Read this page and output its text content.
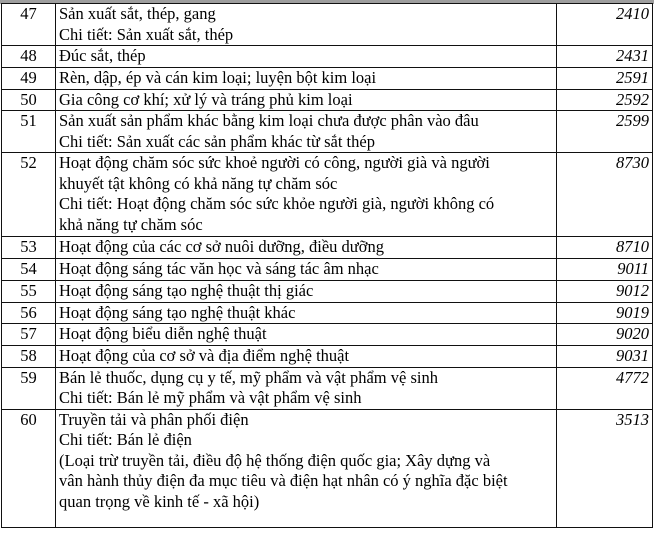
47	Sản xuất sắt, thép, gang
Chi tiết: Sản xuất sắt, thép	2410
48	Đúc sắt, thép	2431
49	Rèn, dập, ép và cán kim loại; luyện bột kim loại	2591
50	Gia công cơ khí; xử lý và tráng phủ kim loại	2592
51	Sản xuất sản phẩm khác bằng kim loại chưa được phân vào đâu
Chi tiết: Sản xuất các sản phẩm khác từ sắt thép	2599
52	Hoạt động chăm sóc sức khoẻ người có công, người già và người
khuyết tật không có khả năng tự chăm sóc
Chi tiết: Hoạt động chăm sóc sức khỏe người già, người không có
khả năng tự chăm sóc	8730
53	Hoạt động của các cơ sở nuôi dưỡng, điều dưỡng	8710
54	Hoạt động sáng tác văn học và sáng tác âm nhạc	9011
55	Hoạt động sáng tạo nghệ thuật thị giác	9012
56	Hoạt động sáng tạo nghệ thuật khác	9019
57	Hoạt động biểu diễn nghệ thuật	9020
58	Hoạt động của cơ sở và địa điểm nghệ thuật	9031
59	Bán lẻ thuốc, dụng cụ y tế, mỹ phẩm và vật phẩm vệ sinh
Chi tiết: Bán lẻ mỹ phẩm và vật phẩm vệ sinh	4772
60	Truyền tải và phân phối điện
Chi tiết: Bán lẻ điện
(Loại trừ truyền tải, điều độ hệ thống điện quốc gia; Xây dựng và
vân hành thủy điện đa mục tiêu và điện hạt nhân có ý nghĩa đặc biệt
quan trọng về kinh tế - xã hội)	3513
